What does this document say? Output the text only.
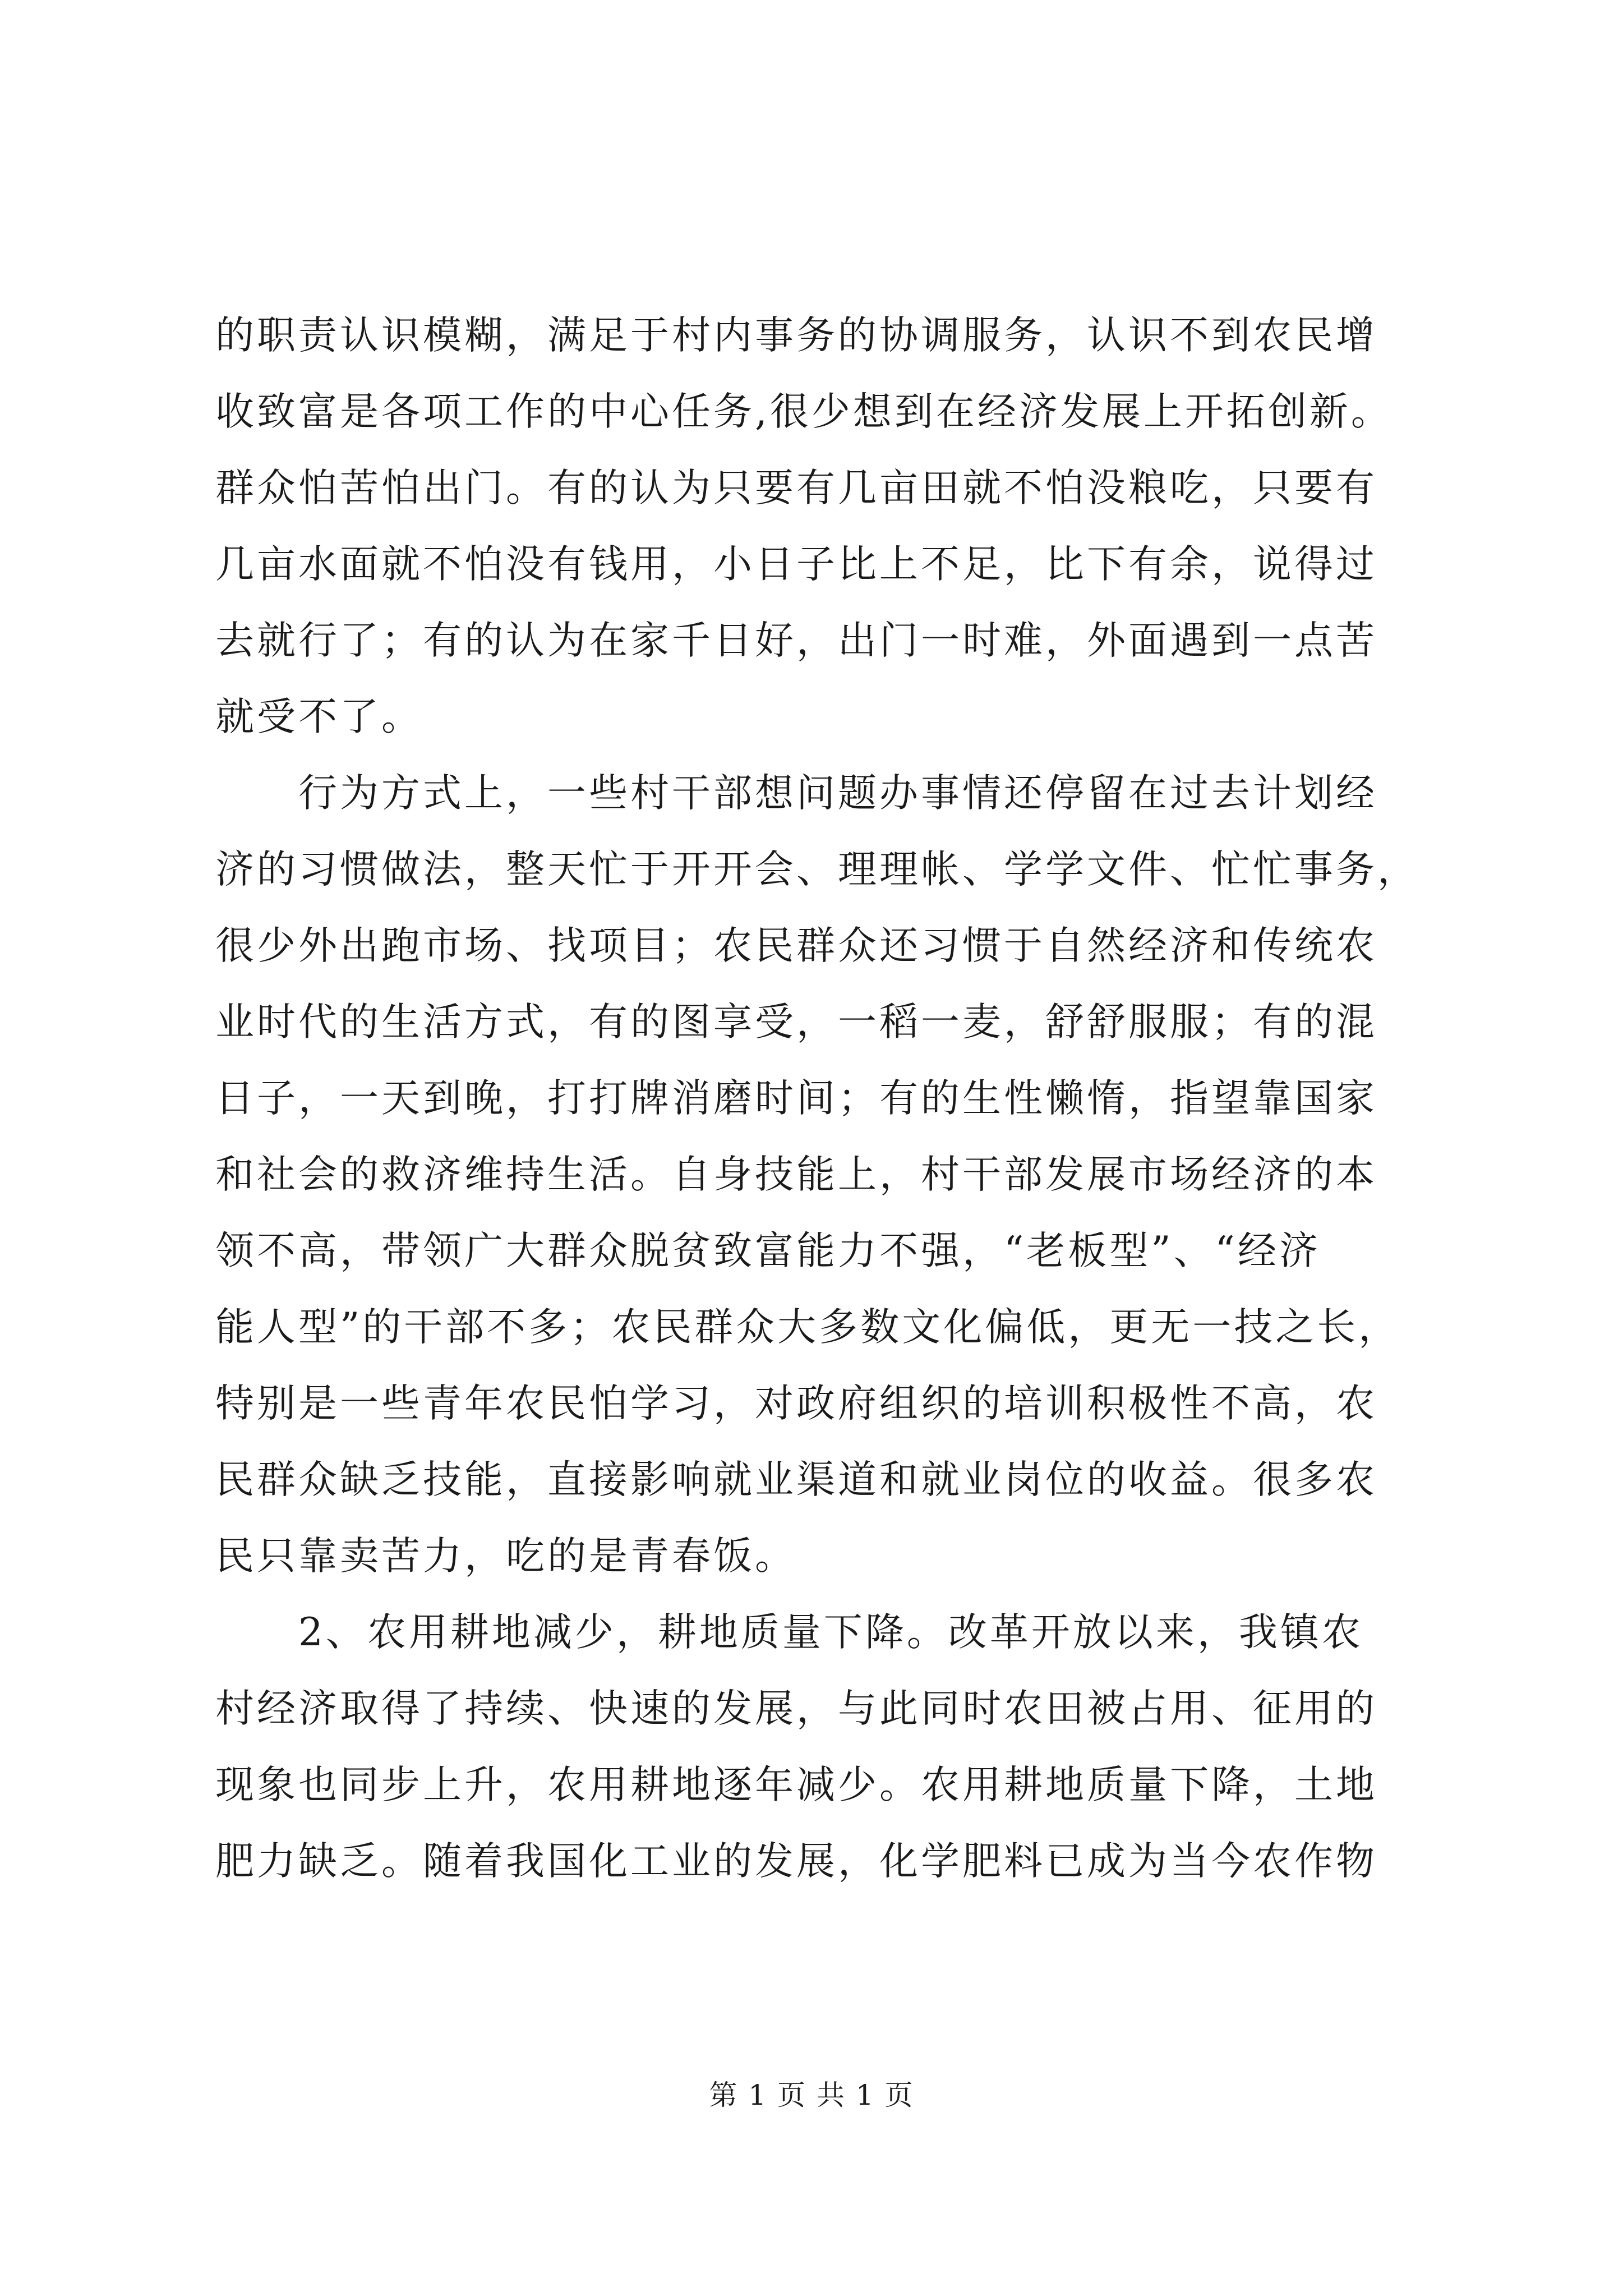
的职责认识模糊，满足于村内事务的协调服务，认识不到农民增
收致富是各项工作的中心任务,很少想到在经济发展上开拓创新。
群众怕苦怕出门。有的认为只要有几亩田就不怕没粮吃，只要有
几亩水面就不怕没有钱用，小日子比上不足，比下有余，说得过
去就行了；有的认为在家千日好，出门一时难，外面遇到一点苦
就受不了。
　　行为方式上，一些村干部想问题办事情还停留在过去计划经
济的习惯做法，整天忙于开开会、理理帐、学学文件、忙忙事务，
很少外出跑市场、找项目；农民群众还习惯于自然经济和传统农
业时代的生活方式，有的图享受，一稻一麦，舒舒服服；有的混
日子，一天到晚，打打牌消磨时间；有的生性懒惰，指望靠国家
和社会的救济维持生活。自身技能上，村干部发展市场经济的本
领不高，带领广大群众脱贫致富能力不强，“老板型”、“经济
能人型”的干部不多；农民群众大多数文化偏低，更无一技之长，
特别是一些青年农民怕学习，对政府组织的培训积极性不高，农
民群众缺乏技能，直接影响就业渠道和就业岗位的收益。很多农
民只靠卖苦力，吃的是青春饭。
　　2、农用耕地减少，耕地质量下降。改革开放以来，我镇农
村经济取得了持续、快速的发展，与此同时农田被占用、征用的
现象也同步上升，农用耕地逐年减少。农用耕地质量下降，土地
肥力缺乏。随着我国化工业的发展，化学肥料已成为当今农作物
第 1 页 共 1 页
